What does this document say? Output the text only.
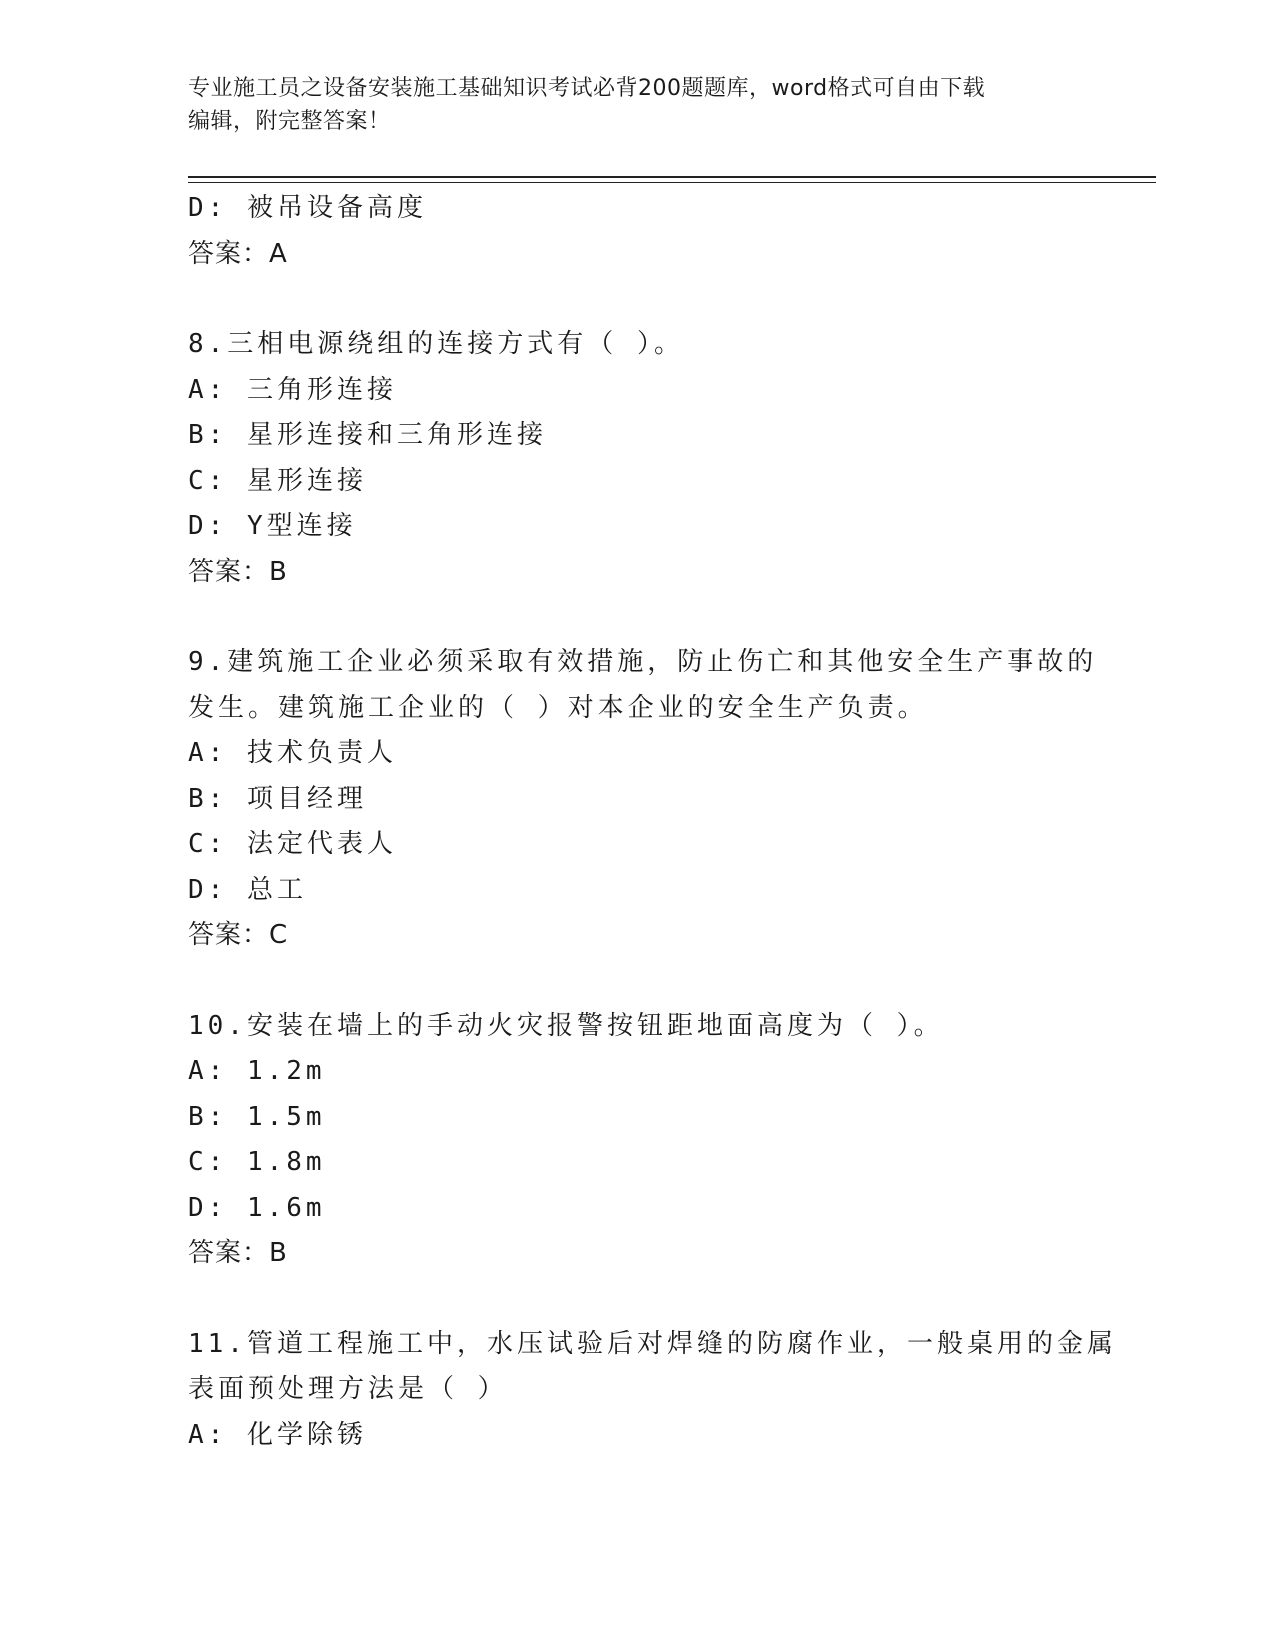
专业施工员之设备安装施工基础知识考试必背200题题库，word格式可自由下载
编辑，附完整答案！
D: 被吊设备高度
答案：A
8.三相电源绕组的连接方式有（ ）。
A: 三角形连接
B: 星形连接和三角形连接
C: 星形连接
D: Y型连接
答案：B
9.建筑施工企业必须采取有效措施，防止伤亡和其他安全生产事故的
发生。建筑施工企业的（ ）对本企业的安全生产负责。
A: 技术负责人
B: 项目经理
C: 法定代表人
D: 总工
答案：C
10.安装在墙上的手动火灾报警按钮距地面高度为（ ）。
A: 1.2m
B: 1.5m
C: 1.8m
D: 1.6m
答案：B
11.管道工程施工中，水压试验后对焊缝的防腐作业，一般桌用的金属
表面预处理方法是（ ）
A: 化学除锈
